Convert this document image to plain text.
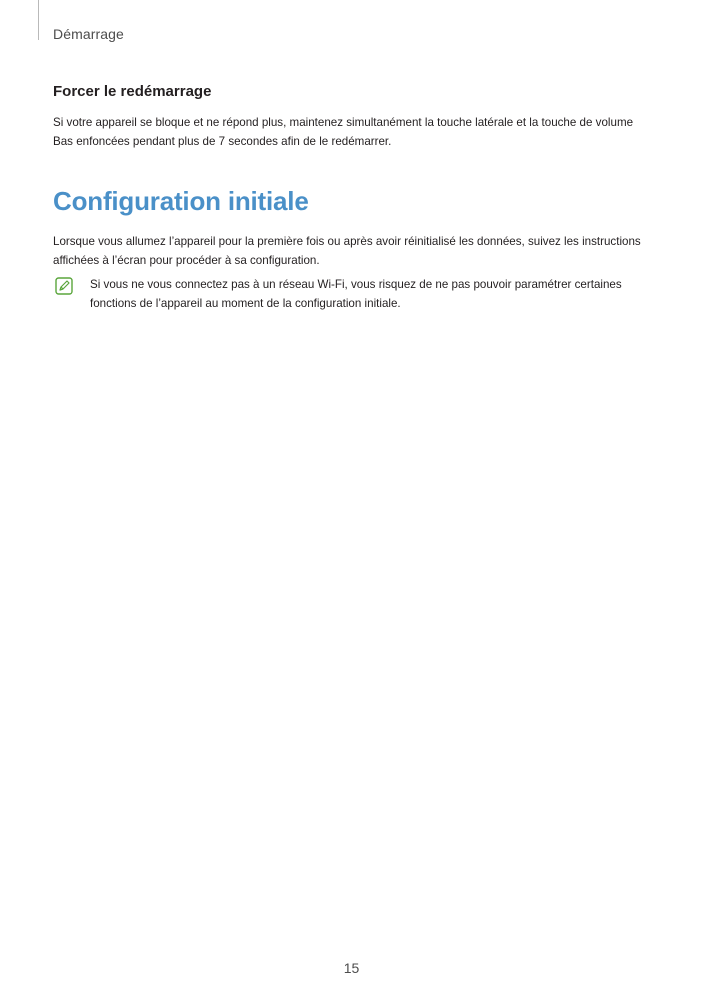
Démarrage
Forcer le redémarrage
Si votre appareil se bloque et ne répond plus, maintenez simultanément la touche latérale et la touche de volume Bas enfoncées pendant plus de 7 secondes afin de le redémarrer.
Configuration initiale
Lorsque vous allumez l’appareil pour la première fois ou après avoir réinitialisé les données, suivez les instructions affichées à l’écran pour procéder à sa configuration.
Si vous ne vous connectez pas à un réseau Wi-Fi, vous risquez de ne pas pouvoir paramétrer certaines fonctions de l’appareil au moment de la configuration initiale.
15
